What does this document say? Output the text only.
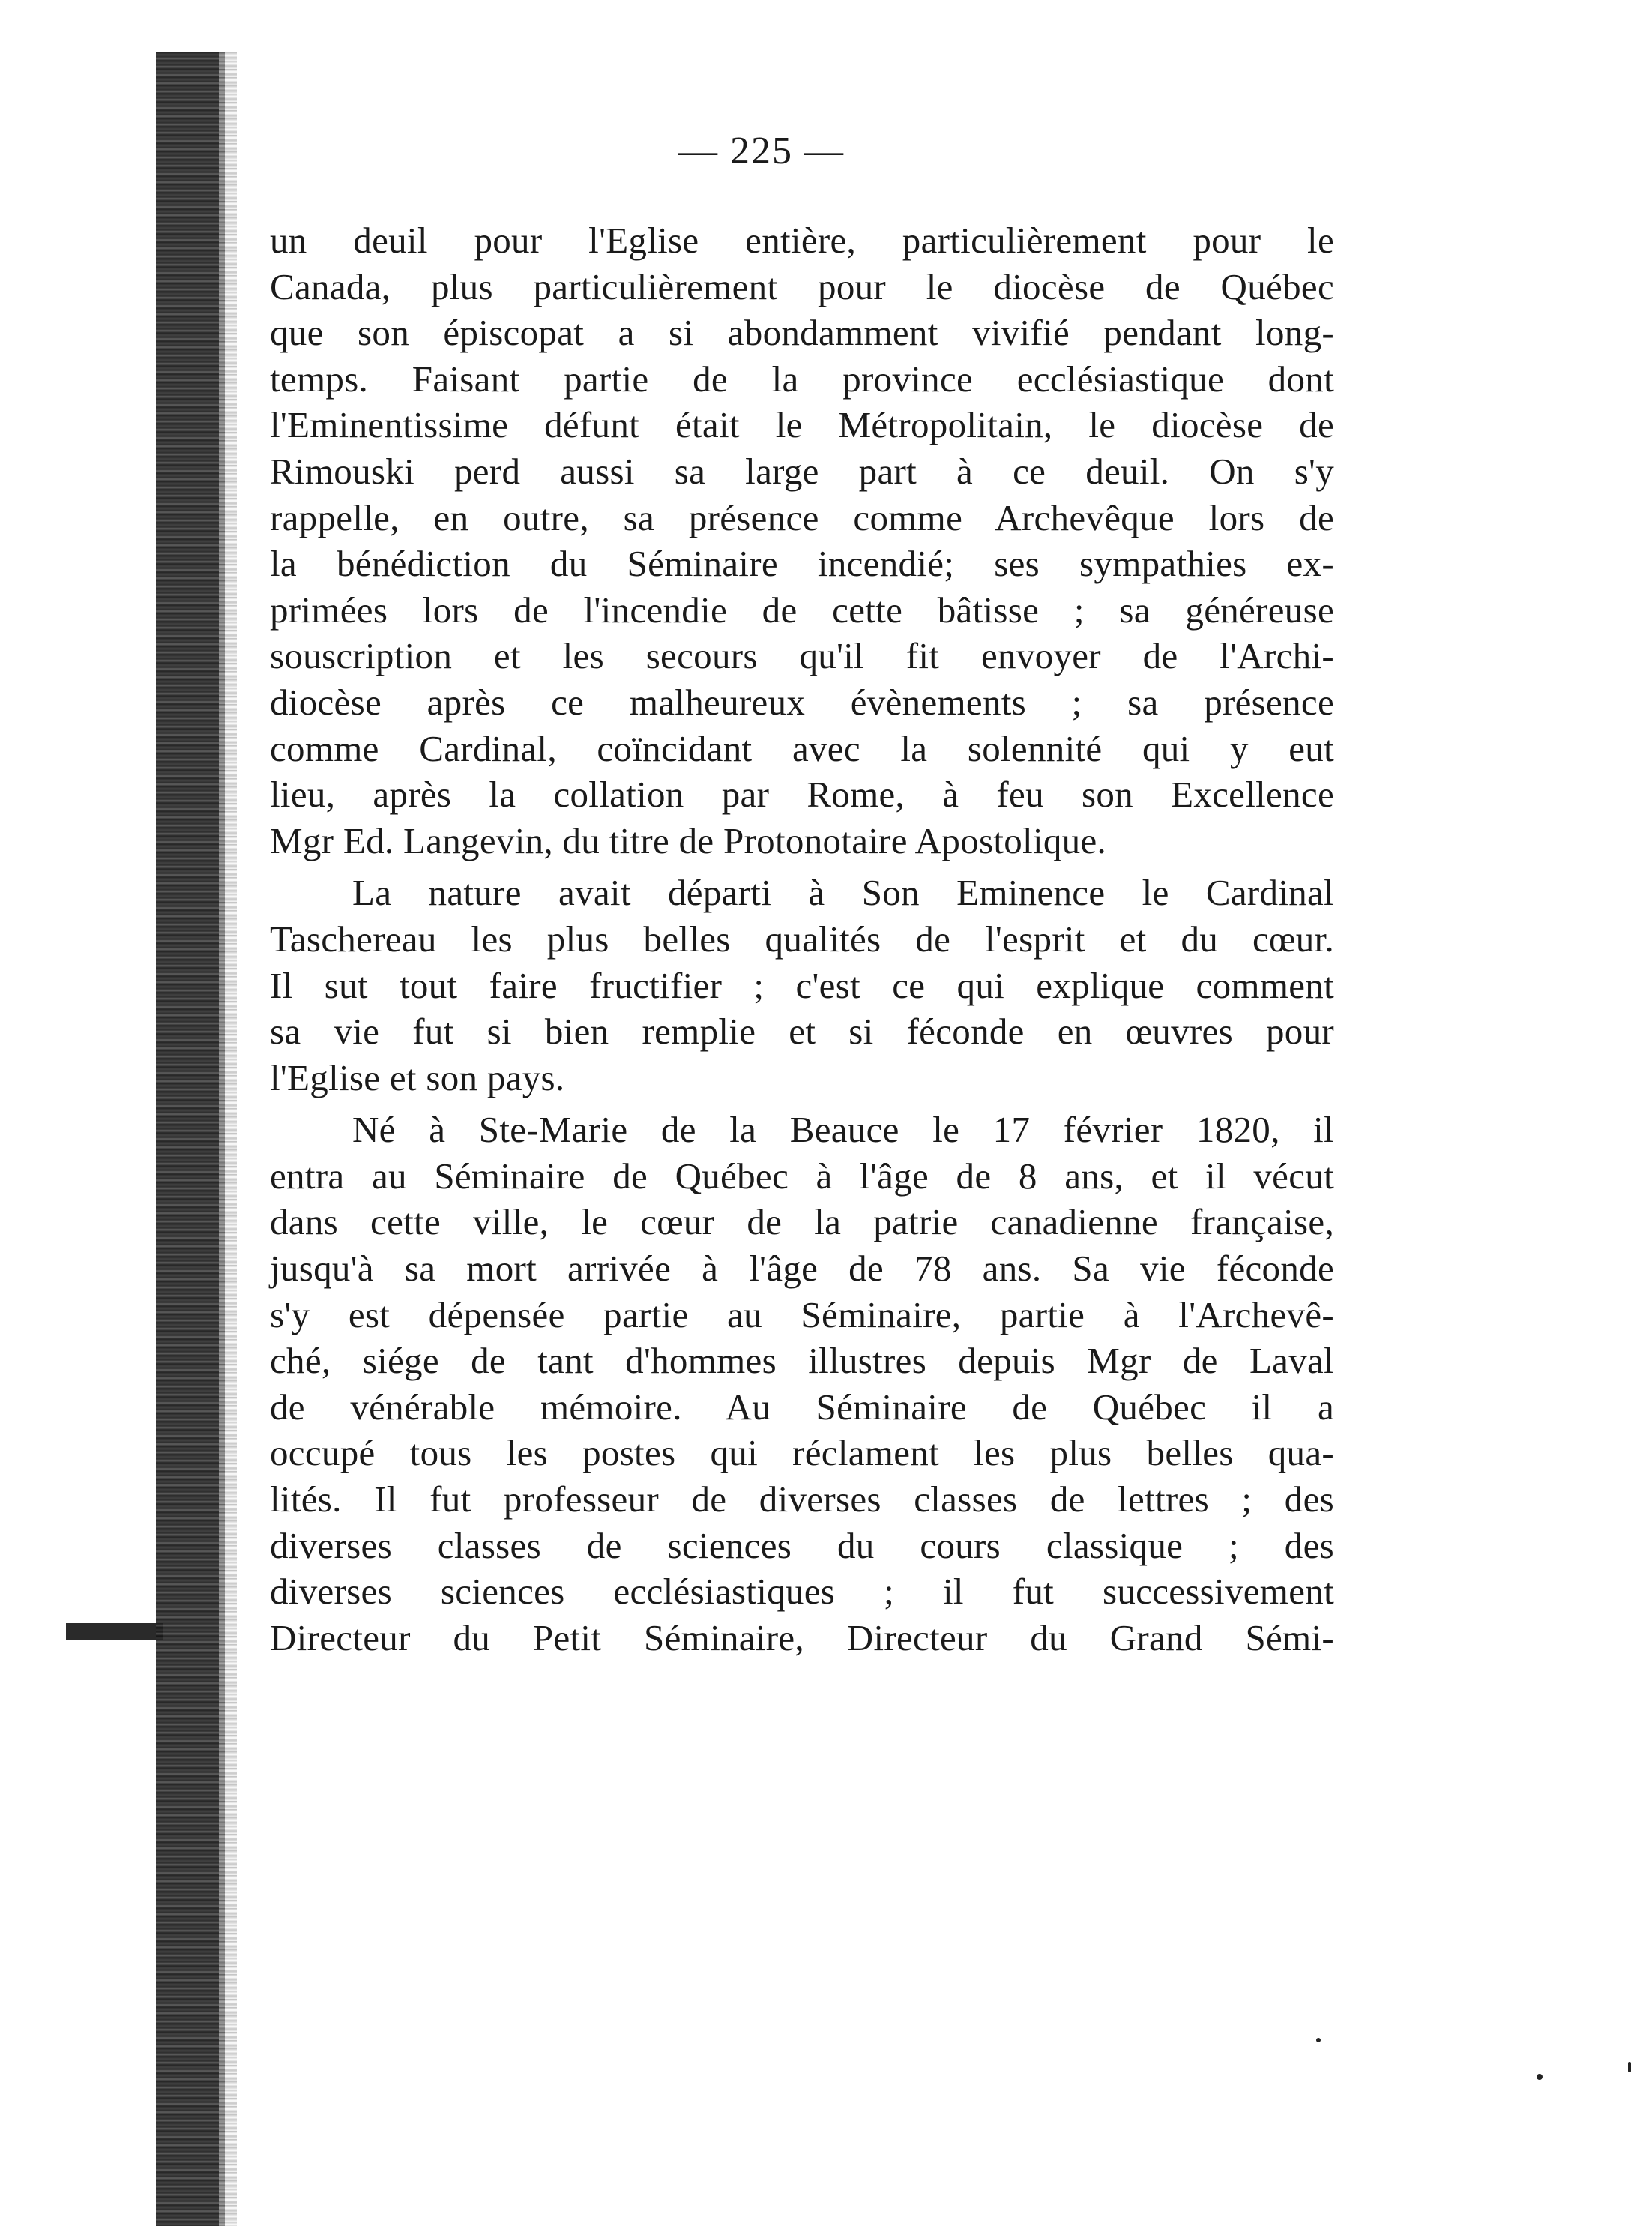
— 225 —
un deuil pour l'Eglise entière, particulièrement pour le
Canada, plus particulièrement pour le diocèse de Québec
que son épiscopat a si abondamment vivifié pendant long-
temps. Faisant partie de la province ecclésiastique dont
l'Eminentissime défunt était le Métropolitain, le diocèse de
Rimouski perd aussi sa large part à ce deuil. On s'y
rappelle, en outre, sa présence comme Archevêque lors de
la bénédiction du Séminaire incendié; ses sympathies ex-
primées lors de l'incendie de cette bâtisse ; sa généreuse
souscription et les secours qu'il fit envoyer de l'Archi-
diocèse après ce malheureux évènements ; sa présence
comme Cardinal, coïncidant avec la solennité qui y eut
lieu, après la collation par Rome, à feu son Excellence
Mgr Ed. Langevin, du titre de Protonotaire Apostolique.
La nature avait départi à Son Eminence le Cardinal
Taschereau les plus belles qualités de l'esprit et du cœur.
Il sut tout faire fructifier ; c'est ce qui explique comment
sa vie fut si bien remplie et si féconde en œuvres pour
l'Eglise et son pays.
Né à Ste-Marie de la Beauce le 17 février 1820, il
entra au Séminaire de Québec à l'âge de 8 ans, et il vécut
dans cette ville, le cœur de la patrie canadienne française,
jusqu'à sa mort arrivée à l'âge de 78 ans. Sa vie féconde
s'y est dépensée partie au Séminaire, partie à l'Archevê-
ché, siége de tant d'hommes illustres depuis Mgr de Laval
de vénérable mémoire. Au Séminaire de Québec il a
occupé tous les postes qui réclament les plus belles qua-
lités. Il fut professeur de diverses classes de lettres ; des
diverses classes de sciences du cours classique ; des
diverses sciences ecclésiastiques ; il fut successivement
Directeur du Petit Séminaire, Directeur du Grand Sémi-
